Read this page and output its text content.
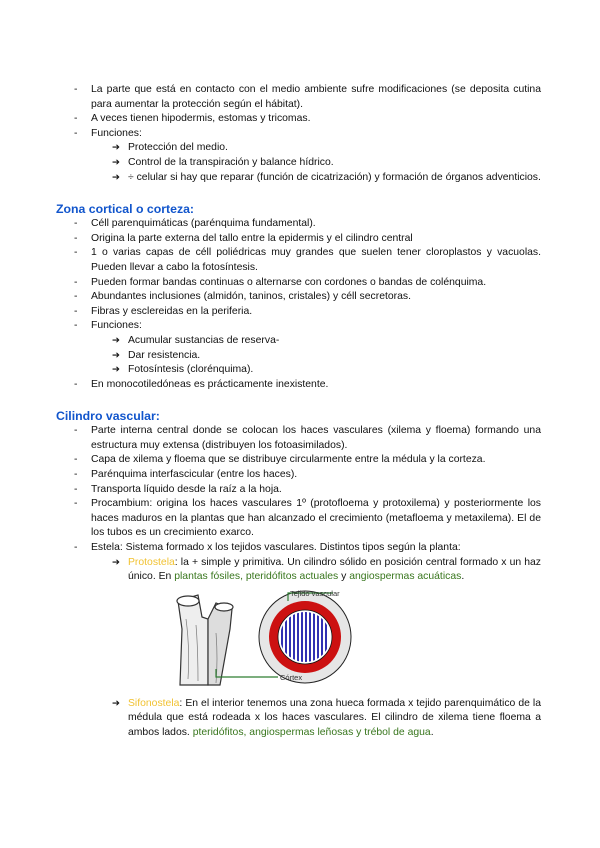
- La parte que está en contacto con el medio ambiente sufre modificaciones (se deposita cutina para aumentar la protección según el hábitat).
- A veces tienen hipodermis, estomas y tricomas.
- Funciones:
➔ Protección del medio.
➔ Control de la transpiración y balance hídrico.
➔ ÷ celular si hay que reparar (función de cicatrización) y formación de órganos adventicios.
Zona cortical o corteza:
- Céll parenquimáticas (parénquima fundamental).
- Origina la parte externa del tallo entre la epidermis y el cilindro central
- 1 o varias capas de céll poliédricas muy grandes que suelen tener cloroplastos y vacuolas. Pueden llevar a cabo la fotosíntesis.
- Pueden formar bandas continuas o alternarse con cordones o bandas de colénquima.
- Abundantes inclusiones (almidón, taninos, cristales) y céll secretoras.
- Fibras y esclereidas en la periferia.
- Funciones:
➔ Acumular sustancias de reserva-
➔ Dar resistencia.
➔ Fotosíntesis (clorénquima).
- En monocotiledóneas es prácticamente inexistente.
Cilindro vascular:
- Parte interna central donde se colocan los haces vasculares (xilema y floema) formando una estructura muy extensa (distribuyen los fotoasimilados).
- Capa de xilema y floema que se distribuye circularmente entre la médula y la corteza.
- Parénquima interfascicular (entre los haces).
- Transporta líquido desde la raíz a la hoja.
- Procambium: origina los haces vasculares 1º (protofloema y protoxilema) y posteriormente los haces maduros en la plantas que han alcanzado el crecimiento (metafloema y metaxilema). El de los tubos es un crecimiento exarco.
- Estela: Sistema formado x los tejidos vasculares. Distintos tipos según la planta:
➔ Protostela: la + simple y primitiva. Un cilindro sólido en posición central formado x un haz único. En plantas fósiles, pteridófitos actuales y angiospermas acuáticas.
Tejido vascular
Córtex
➔ Sifonostela: En el interior tenemos una zona hueca formada x tejido parenquimático de la médula que está rodeada x los haces vasculares. El cilindro de xilema tiene floema a ambos lados. pteridófitos, angiospermas leñosas y trébol de agua.
